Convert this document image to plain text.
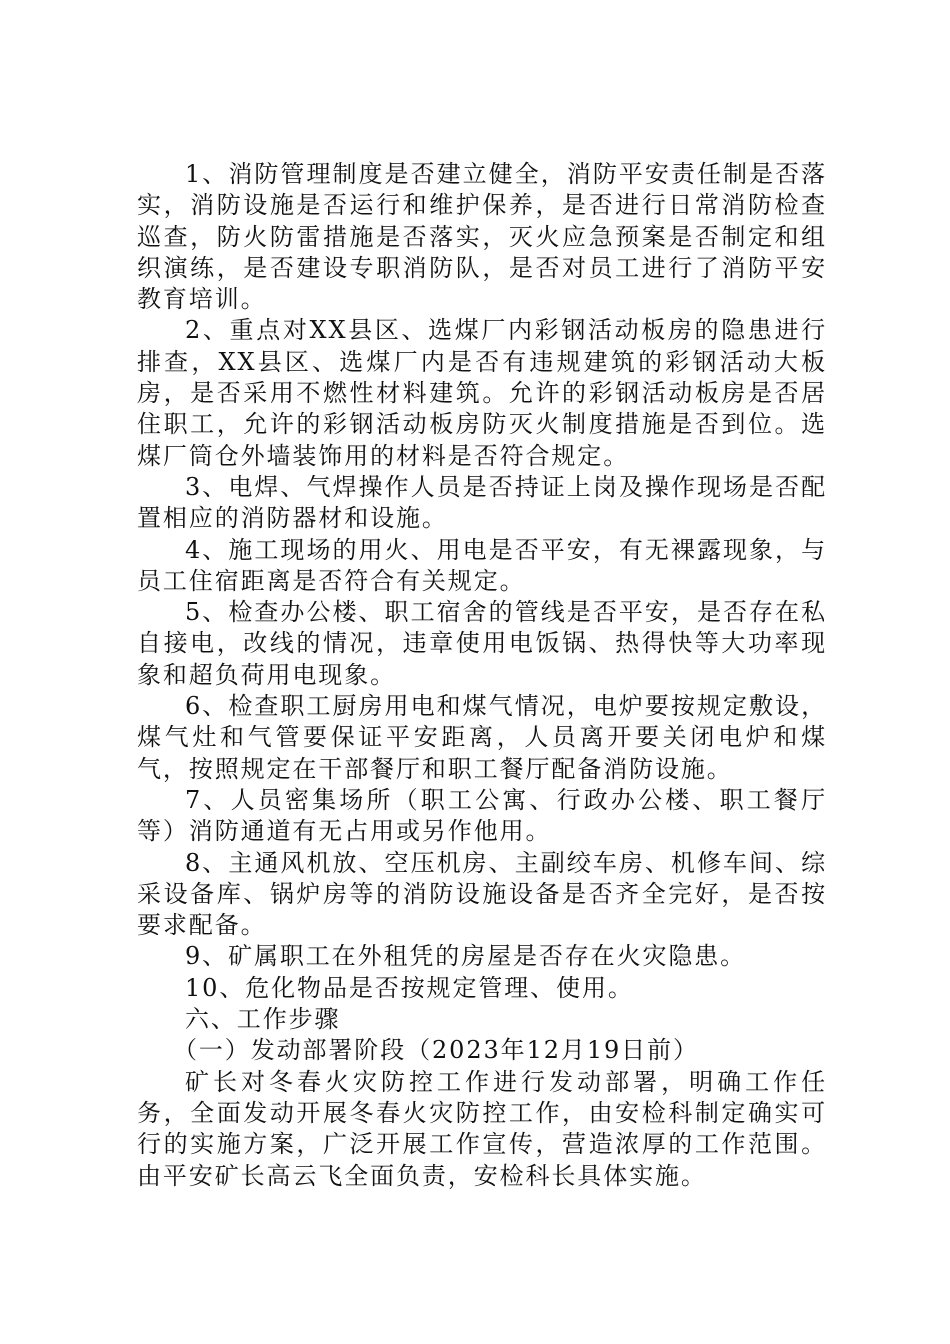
1、消防管理制度是否建立健全，消防平安责任制是否落实，消防设施是否运行和维护保养，是否进行日常消防检查巡查，防火防雷措施是否落实，灭火应急预案是否制定和组织演练，是否建设专职消防队，是否对员工进行了消防平安教育培训。

2、重点对XX县区、选煤厂内彩钢活动板房的隐患进行排查，XX县区、选煤厂内是否有违规建筑的彩钢活动大板房，是否采用不燃性材料建筑。允许的彩钢活动板房是否居住职工，允许的彩钢活动板房防灭火制度措施是否到位。选煤厂筒仓外墙装饰用的材料是否符合规定。

3、电焊、气焊操作人员是否持证上岗及操作现场是否配置相应的消防器材和设施。

4、施工现场的用火、用电是否平安，有无裸露现象，与员工住宿距离是否符合有关规定。

5、检查办公楼、职工宿舍的管线是否平安，是否存在私自接电，改线的情况，违章使用电饭锅、热得快等大功率现象和超负荷用电现象。

6、检查职工厨房用电和煤气情况，电炉要按规定敷设，煤气灶和气管要保证平安距离，人员离开要关闭电炉和煤气，按照规定在干部餐厅和职工餐厅配备消防设施。

7、人员密集场所（职工公寓、行政办公楼、职工餐厅等）消防通道有无占用或另作他用。

8、主通风机放、空压机房、主副绞车房、机修车间、综采设备库、锅炉房等的消防设施设备是否齐全完好，是否按要求配备。

9、矿属职工在外租凭的房屋是否存在火灾隐患。

10、危化物品是否按规定管理、使用。

六、工作步骤

（一）发动部署阶段（2023年12月19日前）

矿长对冬春火灾防控工作进行发动部署，明确工作任务，全面发动开展冬春火灾防控工作，由安检科制定确实可行的实施方案，广泛开展工作宣传，营造浓厚的工作范围。由平安矿长高云飞全面负责，安检科长具体实施。
